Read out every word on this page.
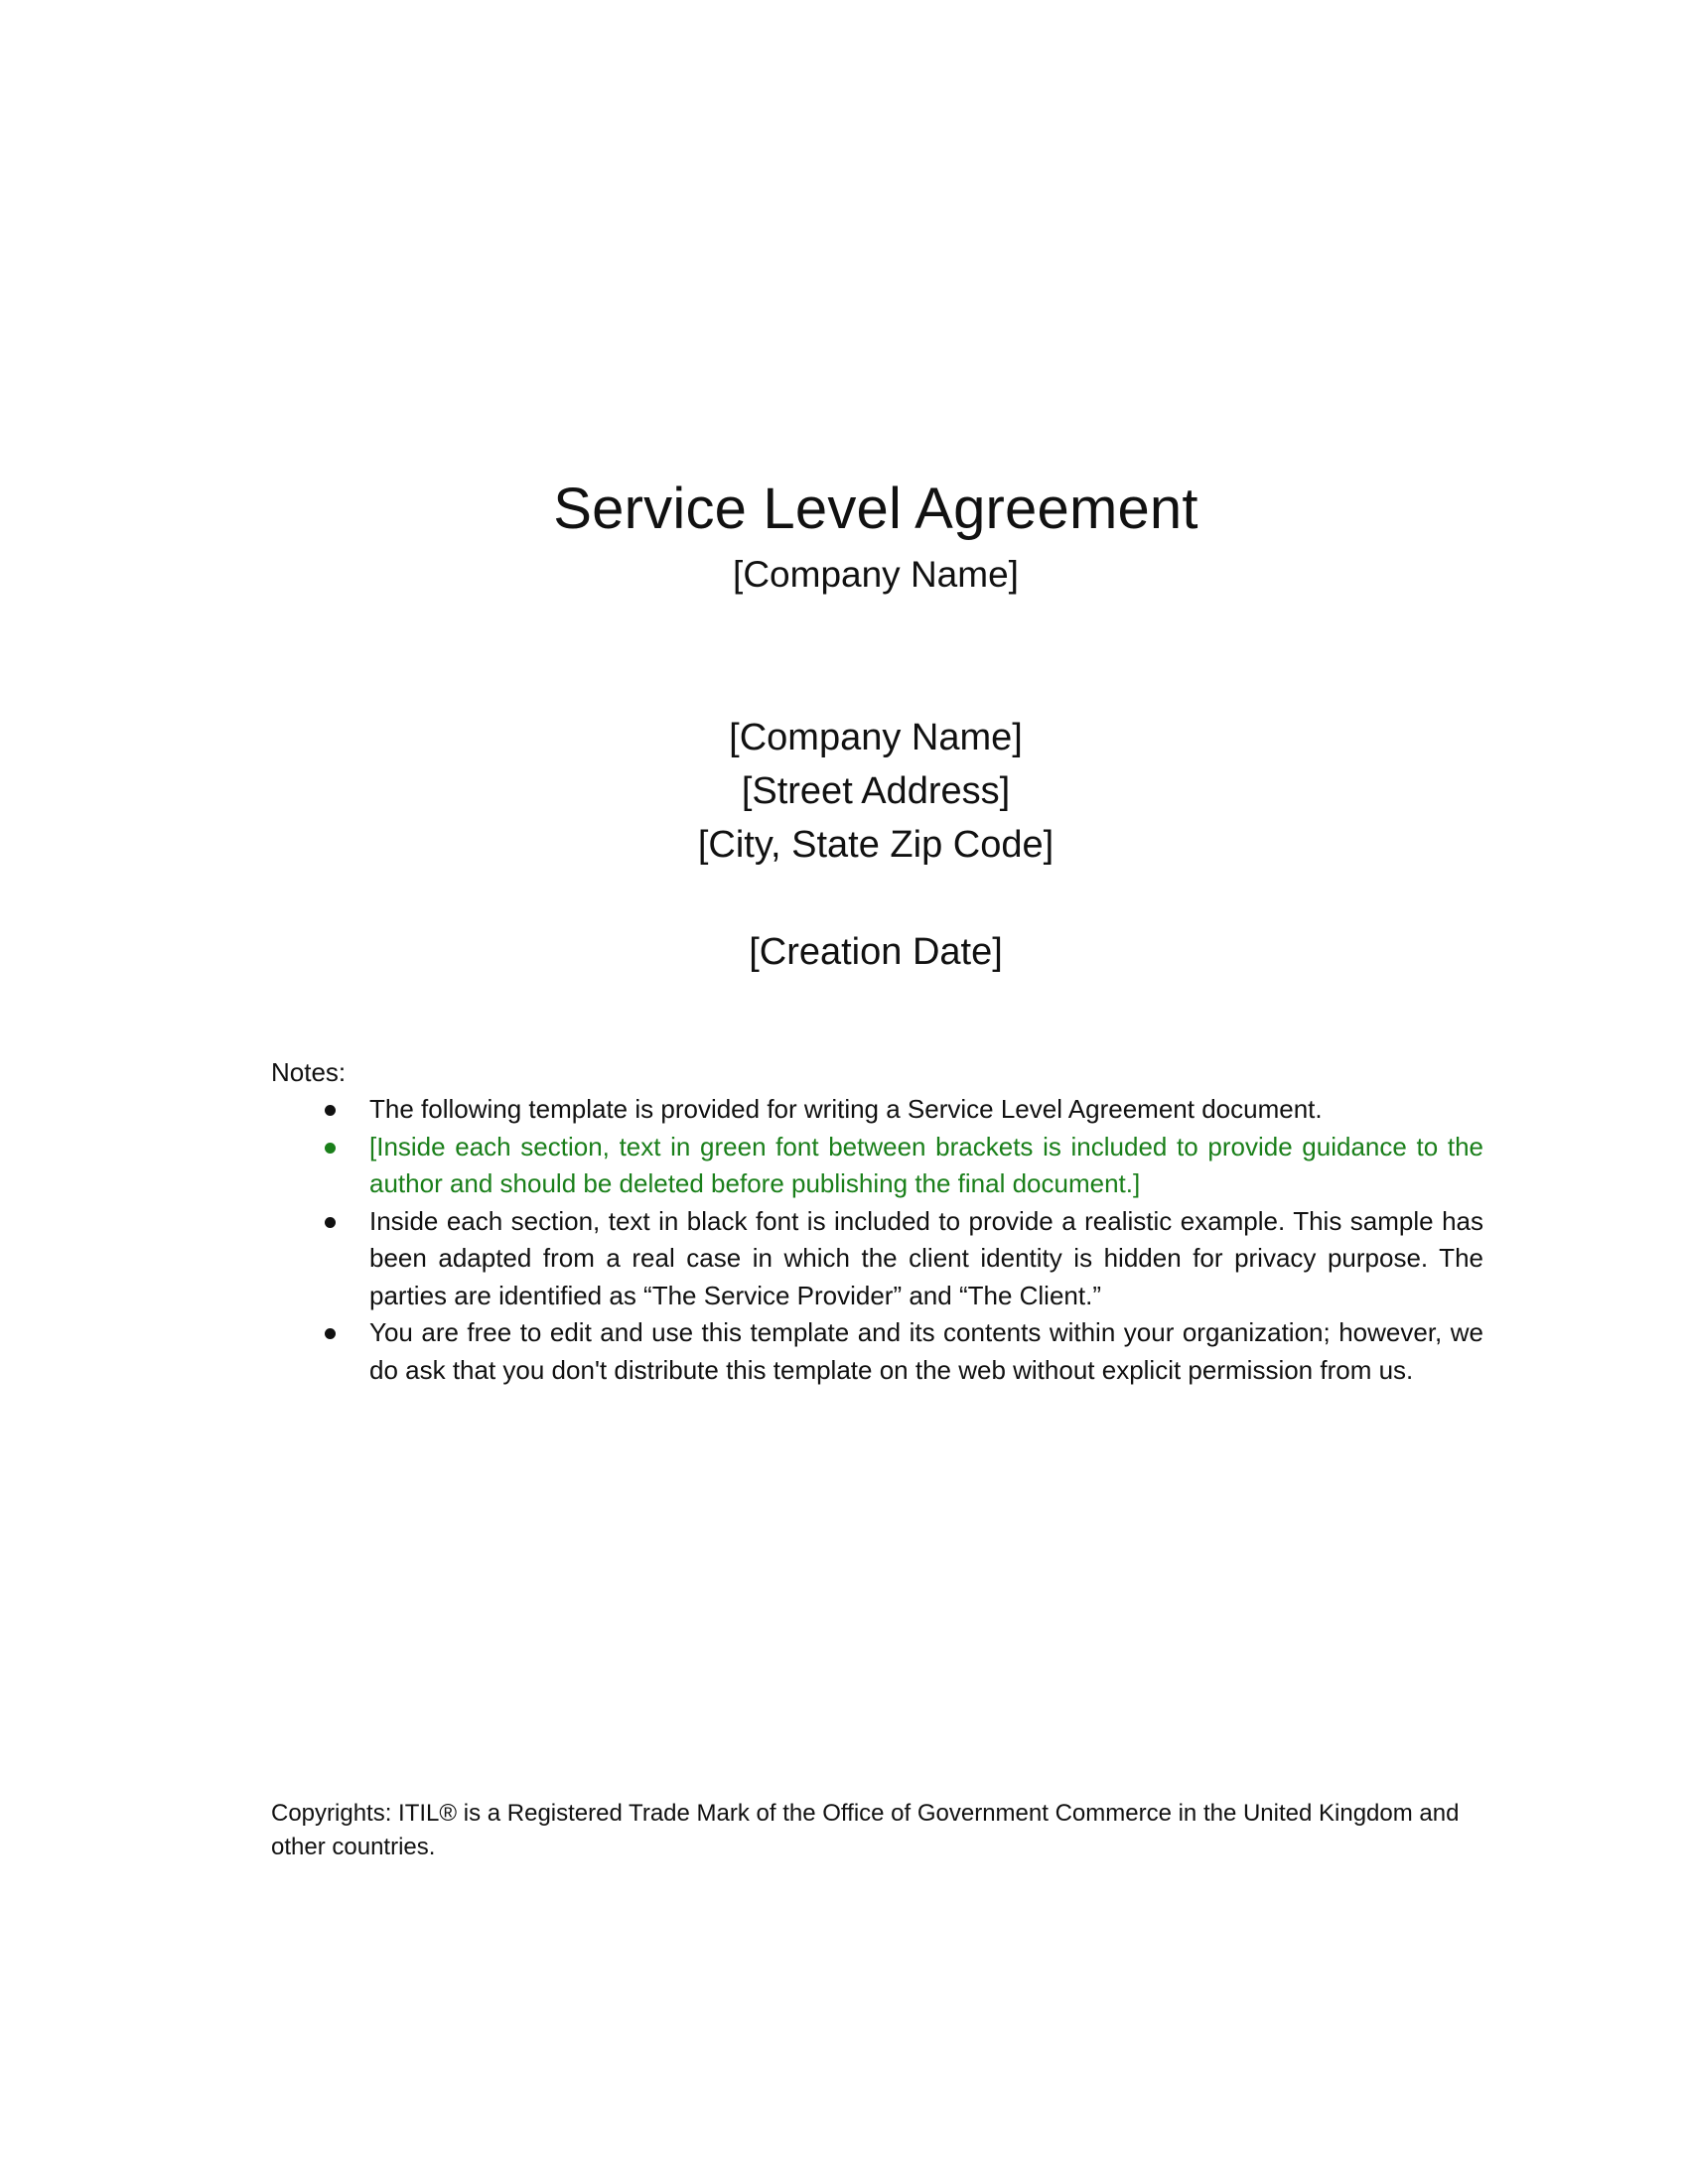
Service Level Agreement
[Company Name]
[Company Name]
[Street Address]
[City, State Zip Code]
[Creation Date]
Notes:
The following template is provided for writing a Service Level Agreement document.
[Inside each section, text in green font between brackets is included to provide guidance to the author and should be deleted before publishing the final document.]
Inside each section, text in black font is included to provide a realistic example. This sample has been adapted from a real case in which the client identity is hidden for privacy purpose. The parties are identified as “The Service Provider” and “The Client.”
You are free to edit and use this template and its contents within your organization; however, we do ask that you don't distribute this template on the web without explicit permission from us.
Copyrights: ITIL® is a Registered Trade Mark of the Office of Government Commerce in the United Kingdom and other countries.
